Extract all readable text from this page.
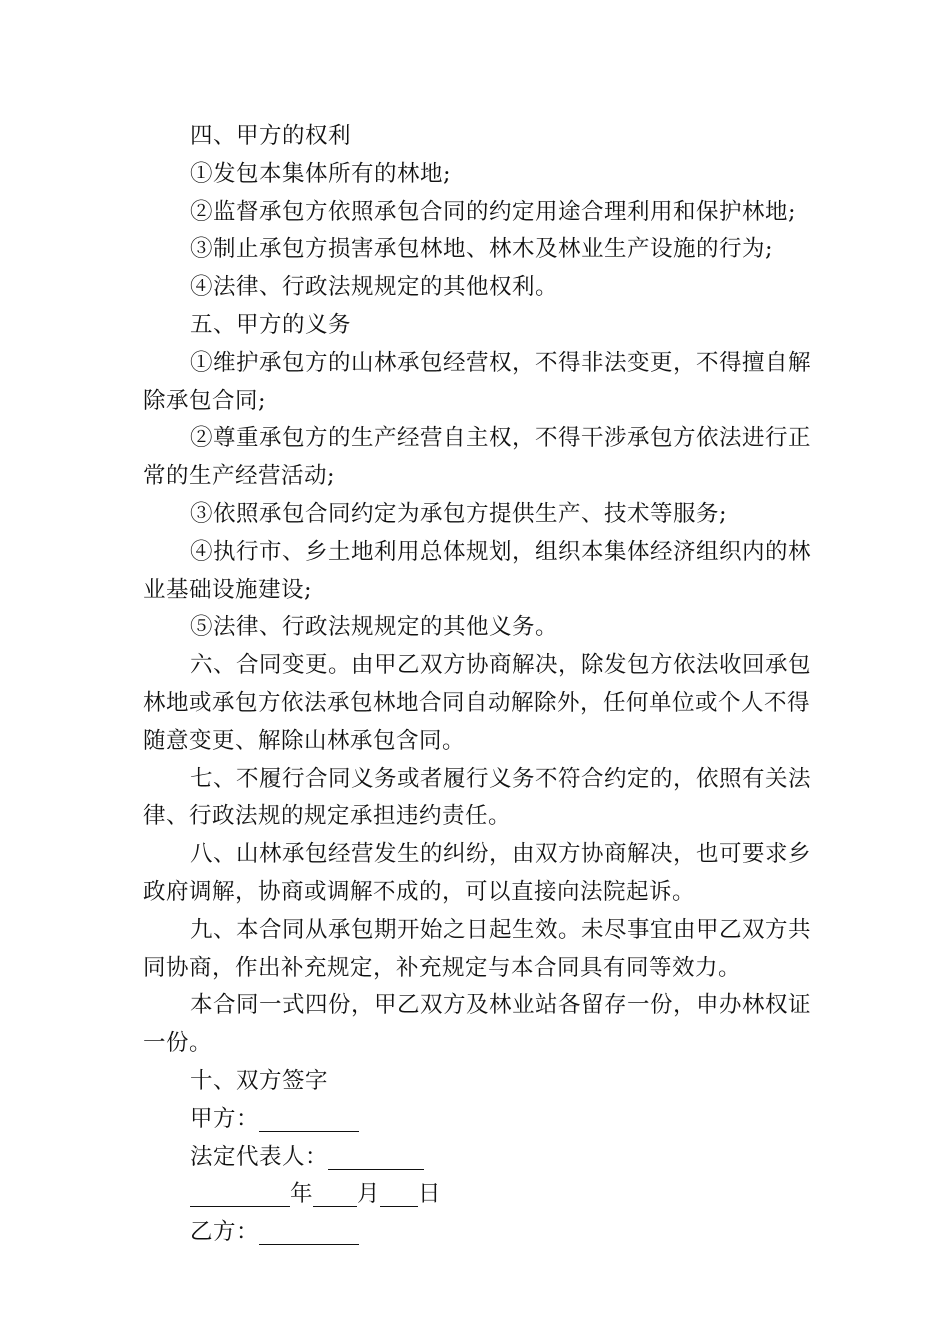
四、甲方的权利

①发包本集体所有的林地;

②监督承包方依照承包合同的约定用途合理利用和保护林地;

③制止承包方损害承包林地、林木及林业生产设施的行为;

④法律、行政法规规定的其他权利。

五、甲方的义务

①维护承包方的山林承包经营权，不得非法变更，不得擅自解除承包合同;

②尊重承包方的生产经营自主权，不得干涉承包方依法进行正常的生产经营活动;

③依照承包合同约定为承包方提供生产、技术等服务;

④执行市、乡土地利用总体规划，组织本集体经济组织内的林业基础设施建设;

⑤法律、行政法规规定的其他义务。

六、合同变更。由甲乙双方协商解决，除发包方依法收回承包林地或承包方依法承包林地合同自动解除外，任何单位或个人不得随意变更、解除山林承包含同。

七、不履行合同义务或者履行义务不符合约定的，依照有关法律、行政法规的规定承担违约责任。

八、山林承包经营发生的纠纷，由双方协商解决，也可要求乡政府调解，协商或调解不成的，可以直接向法院起诉。

九、本合同从承包期开始之日起生效。未尽事宜由甲乙双方共同协商，作出补充规定，补充规定与本合同具有同等效力。

本合同一式四份，甲乙双方及林业站各留存一份，申办林权证一份。

十、双方签字

甲方：

法定代表人：

年 月 日

乙方：
